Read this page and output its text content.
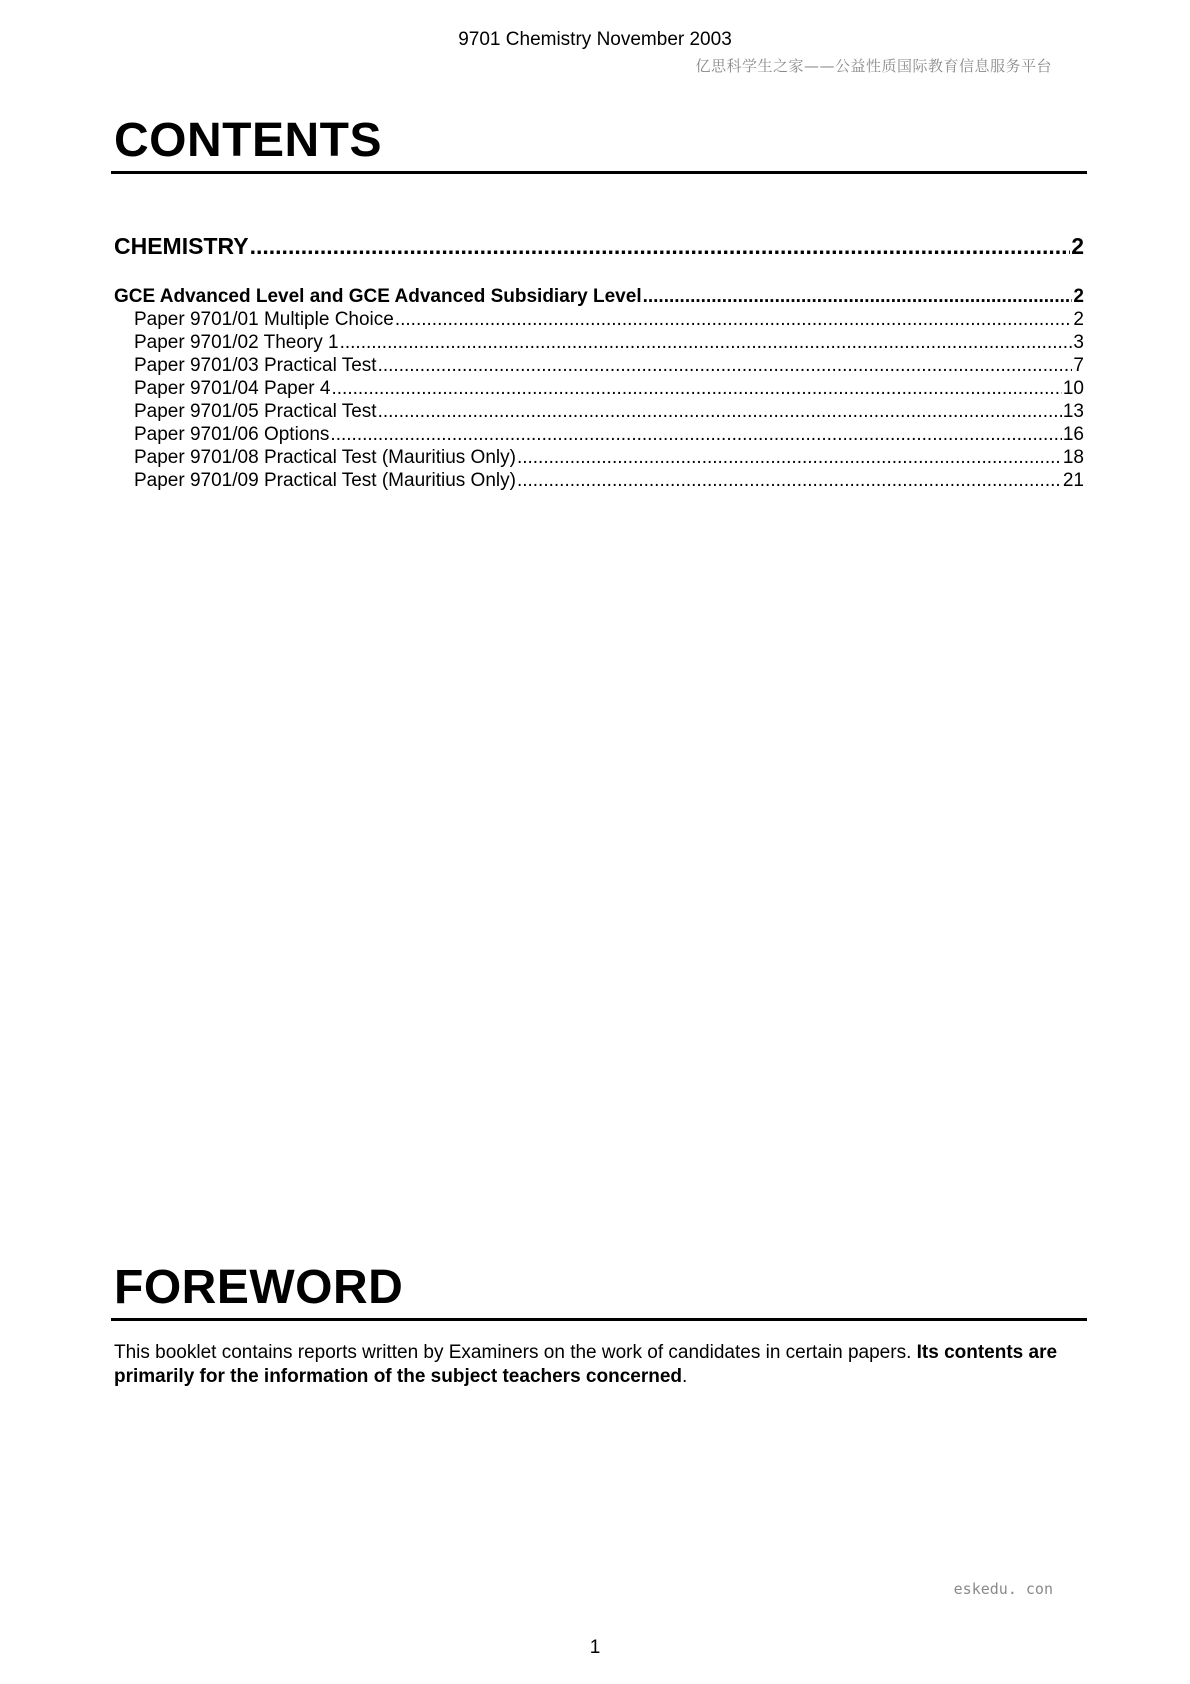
9701 Chemistry November 2003
亿思科学生之家——公益性质国际教育信息服务平台
CONTENTS
CHEMISTRY .....	2
GCE Advanced Level and GCE Advanced Subsidiary Level .....	2
Paper 9701/01 Multiple Choice .....	2
Paper 9701/02 Theory 1 .....	3
Paper 9701/03 Practical Test .....	7
Paper 9701/04 Paper 4 .....	10
Paper 9701/05 Practical Test .....	13
Paper 9701/06 Options .....	16
Paper 9701/08 Practical Test (Mauritius Only) .....	18
Paper 9701/09 Practical Test (Mauritius Only) .....	21
FOREWORD

This booklet contains reports written by Examiners on the work of candidates in certain papers. Its contents are primarily for the information of the subject teachers concerned.

eskedu. con
1
